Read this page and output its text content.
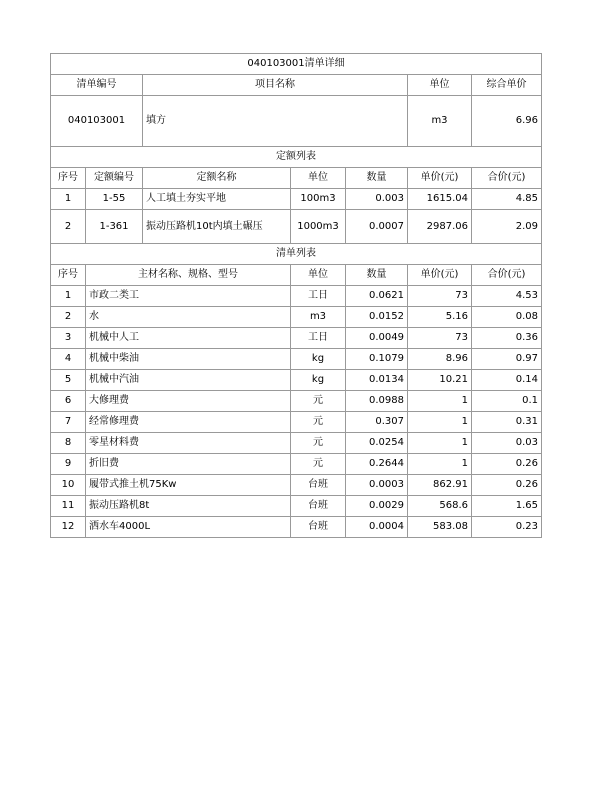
040103001清单详细						
清单编号		项目名称			单位	综合单价
040103001		填方			m3	6.96
定额列表						
序号	定额编号	定额名称	单位	数量	单价(元)	合价(元)
1	1-55	人工填土夯实平地	100m3	0.003	1615.04	4.85
2	1-361	振动压路机10t内填土碾压	1000m3	0.0007	2987.06	2.09
清单列表						
序号	主材名称、规格、型号		单位	数量	单价(元)	合价(元)
1	市政二类工		工日	0.0621	73	4.53
2	水		m3	0.0152	5.16	0.08
3	机械中人工		工日	0.0049	73	0.36
4	机械中柴油		kg	0.1079	8.96	0.97
5	机械中汽油		kg	0.0134	10.21	0.14
6	大修理费		元	0.0988	1	0.1
7	经常修理费		元	0.307	1	0.31
8	零星材料费		元	0.0254	1	0.03
9	折旧费		元	0.2644	1	0.26
10	履带式推土机75Kw		台班	0.0003	862.91	0.26
11	振动压路机8t		台班	0.0029	568.6	1.65
12	洒水车4000L		台班	0.0004	583.08	0.23
